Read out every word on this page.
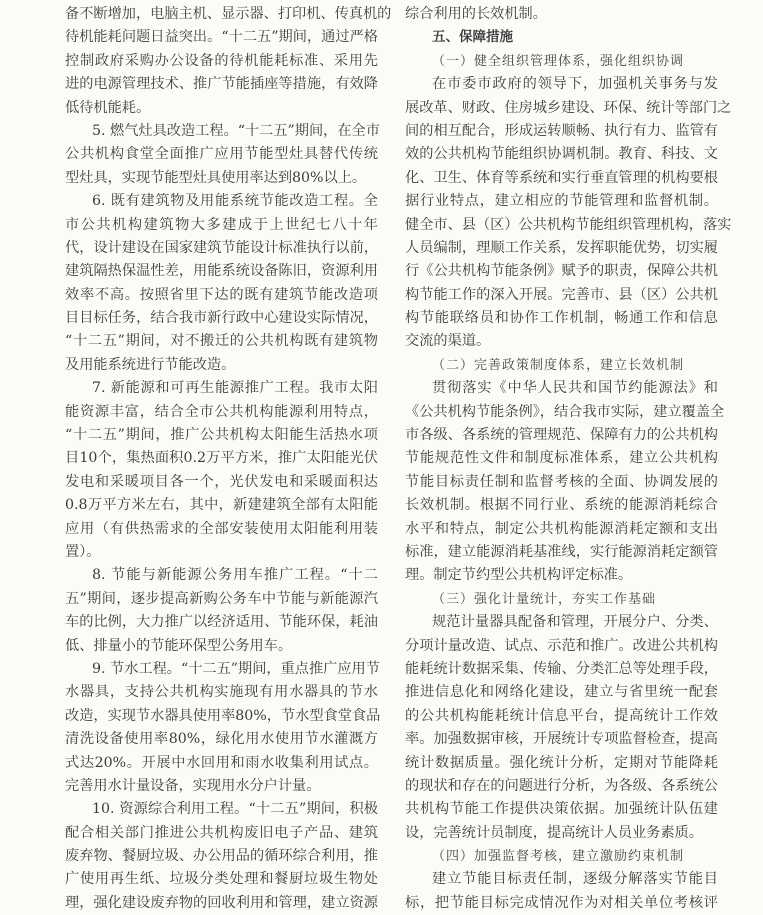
备不断增加，电脑主机、显示器、打印机、传真机的
待机能耗问题日益突出。“十二五”期间，通过严格
控制政府采购办公设备的待机能耗标准、采用先
进的电源管理技术、推广节能插座等措施，有效降
低待机能耗。
5. 燃气灶具改造工程。“十二五”期间，在全市
公共机构食堂全面推广应用节能型灶具替代传统
型灶具，实现节能型灶具使用率达到80%以上。
6. 既有建筑物及用能系统节能改造工程。全
市公共机构建筑物大多建成于上世纪七八十年
代，设计建设在国家建筑节能设计标准执行以前，
建筑隔热保温性差，用能系统设备陈旧，资源利用
效率不高。按照省里下达的既有建筑节能改造项
目目标任务，结合我市新行政中心建设实际情况，
“十二五”期间，对不搬迁的公共机构既有建筑物
及用能系统进行节能改造。
7. 新能源和可再生能源推广工程。我市太阳
能资源丰富，结合全市公共机构能源利用特点，
“十二五”期间，推广公共机构太阳能生活热水项
目10个，集热面积0.2万平方米，推广太阳能光伏
发电和采暖项目各一个，光伏发电和采暖面积达
0.8万平方米左右，其中，新建建筑全部有太阳能
应用（有供热需求的全部安装使用太阳能利用装
置）。
8. 节能与新能源公务用车推广工程。“十二
五”期间，逐步提高新购公务车中节能与新能源汽
车的比例，大力推广以经济适用、节能环保，耗油
低、排量小的节能环保型公务用车。
9. 节水工程。“十二五”期间，重点推广应用节
水器具，支持公共机构实施现有用水器具的节水
改造，实现节水器具使用率80%，节水型食堂食品
清洗设备使用率80%，绿化用水使用节水灌溉方
式达20%。开展中水回用和雨水收集利用试点。
完善用水计量设备，实现用水分户计量。
10. 资源综合利用工程。“十二五”期间，积极
配合相关部门推进公共机构废旧电子产品、建筑
废弃物、餐厨垃圾、办公用品的循环综合利用，推
广使用再生纸、垃圾分类处理和餐厨垃圾生物处
理，强化建设废弃物的回收利用和管理，建立资源
综合利用的长效机制。
五、保障措施
（一）健全组织管理体系，强化组织协调
在市委市政府的领导下，加强机关事务与发
展改革、财政、住房城乡建设、环保、统计等部门之
间的相互配合，形成运转顺畅、执行有力、监管有
效的公共机构节能组织协调机制。教育、科技、文
化、卫生、体育等系统和实行垂直管理的机构要根
据行业特点，建立相应的节能管理和监督机制。
健全市、县（区）公共机构节能组织管理机构，落实
人员编制，理顺工作关系，发挥职能优势，切实履
行《公共机构节能条例》赋予的职责，保障公共机
构节能工作的深入开展。完善市、县（区）公共机
构节能联络员和协作工作机制，畅通工作和信息
交流的渠道。
（二）完善政策制度体系，建立长效机制
贯彻落实《中华人民共和国节约能源法》和
《公共机构节能条例》，结合我市实际，建立覆盖全
市各级、各系统的管理规范、保障有力的公共机构
节能规范性文件和制度标准体系，建立公共机构
节能目标责任制和监督考核的全面、协调发展的
长效机制。根据不同行业、系统的能源消耗综合
水平和特点，制定公共机构能源消耗定额和支出
标准，建立能源消耗基准线，实行能源消耗定额管
理。制定节约型公共机构评定标准。
（三）强化计量统计，夯实工作基础
规范计量器具配备和管理，开展分户、分类、
分项计量改造、试点、示范和推广。改进公共机构
能耗统计数据采集、传输、分类汇总等处理手段，
推进信息化和网络化建设，建立与省里统一配套
的公共机构能耗统计信息平台，提高统计工作效
率。加强数据审核，开展统计专项监督检查，提高
统计数据质量。强化统计分析，定期对节能降耗
的现状和存在的问题进行分析，为各级、各系统公
共机构节能工作提供决策依据。加强统计队伍建
设，完善统计员制度，提高统计人员业务素质。
（四）加强监督考核，建立激励约束机制
建立节能目标责任制，逐级分解落实节能目
标，把节能目标完成情况作为对相关单位考核评
